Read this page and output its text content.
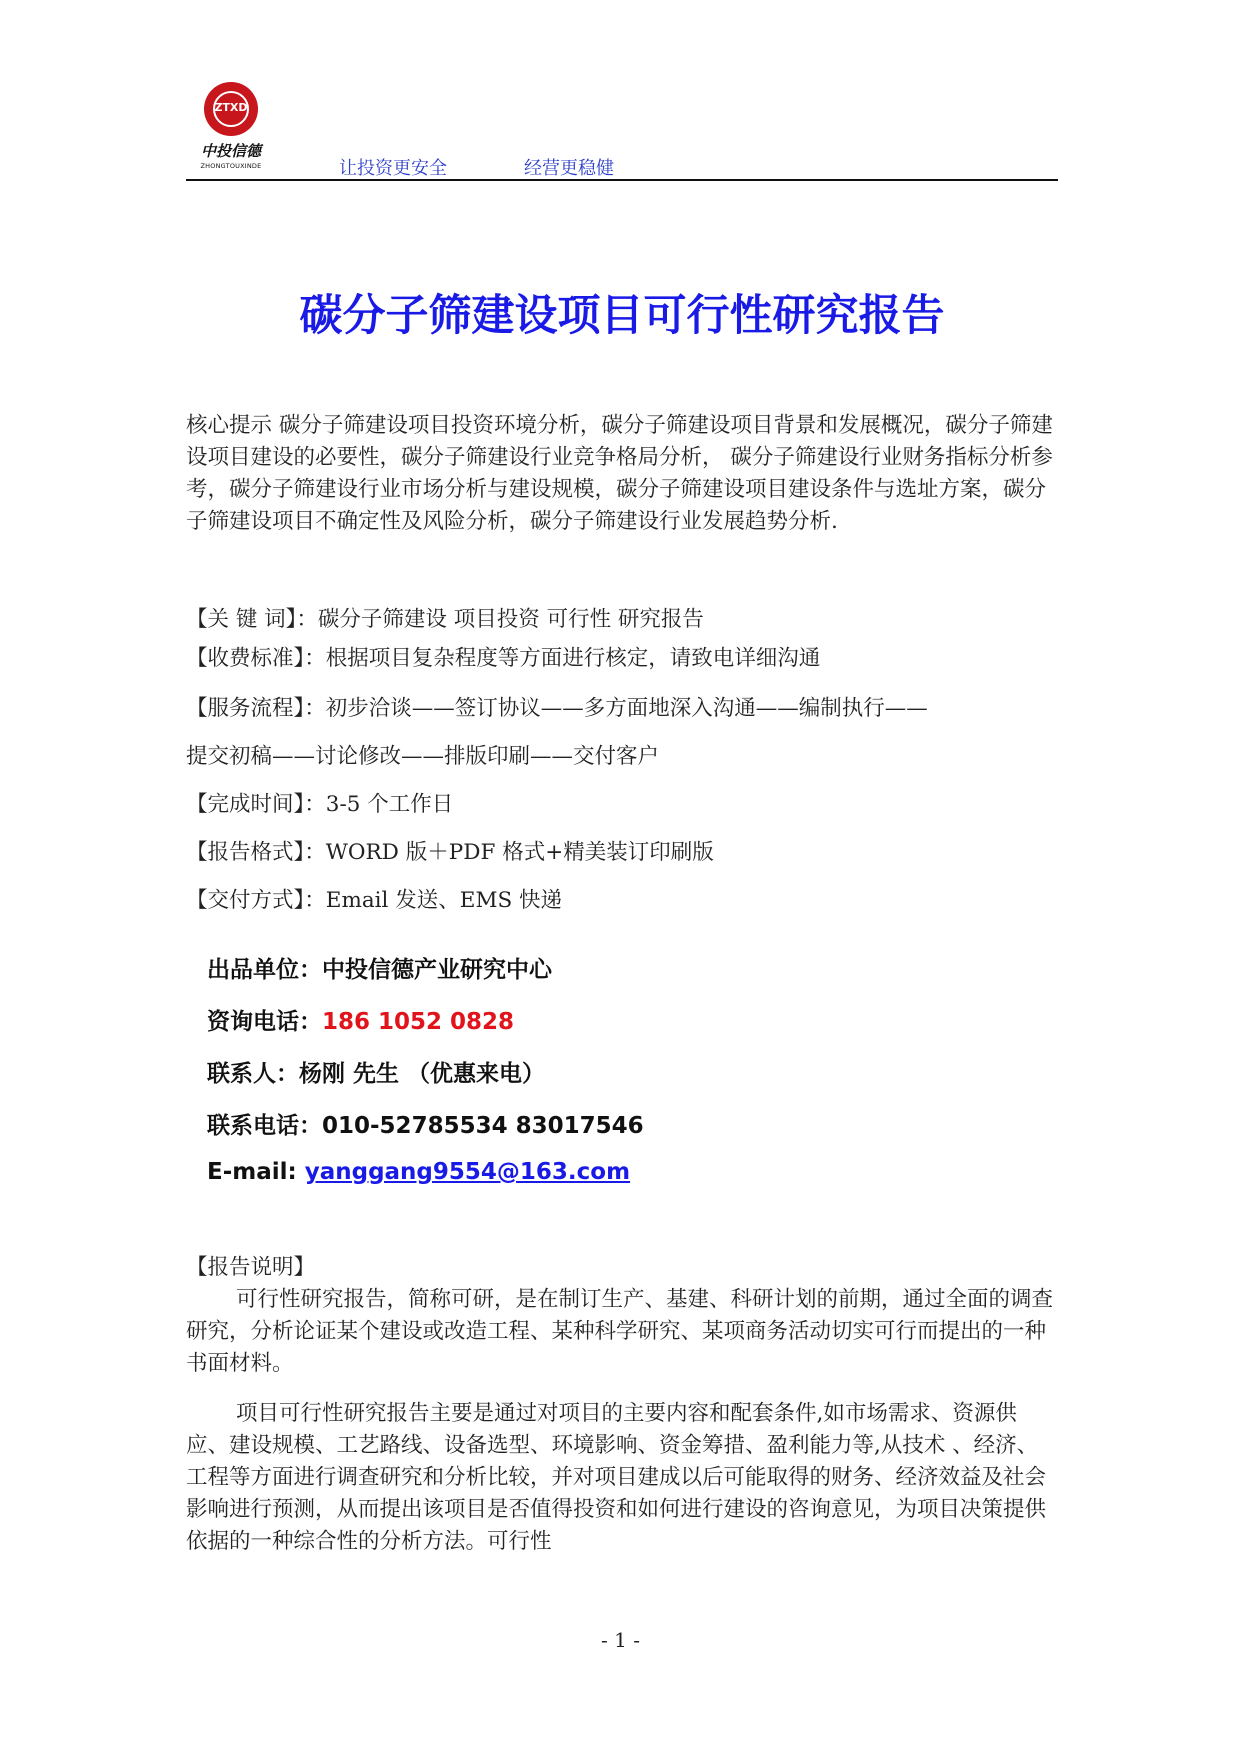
ZTXD
中投信德
ZHONGTOUXINDE	让投资更安全	经营更稳健
碳分子筛建设项目可行性研究报告
核心提示 碳分子筛建设项目投资环境分析，碳分子筛建设项目背景和发展概况，碳分子筛建设项目建设的必要性，碳分子筛建设行业竞争格局分析， 碳分子筛建设行业财务指标分析参考，碳分子筛建设行业市场分析与建设规模，碳分子筛建设项目建设条件与选址方案，碳分子筛建设项目不确定性及风险分析，碳分子筛建设行业发展趋势分析.
【关 键 词】：碳分子筛建设 项目投资 可行性 研究报告
【收费标准】：根据项目复杂程度等方面进行核定，请致电详细沟通
【服务流程】：初步洽谈——签订协议——多方面地深入沟通——编制执行——
提交初稿——讨论修改——排版印刷——交付客户
【完成时间】：3-5 个工作日
【报告格式】：WORD 版＋PDF 格式+精美装订印刷版
【交付方式】：Email 发送、EMS 快递
出品单位：中投信德产业研究中心
资询电话：186 1052 0828
联系人：杨刚 先生 （优惠来电）
联系电话：010-52785534 83017546
E-mail: yanggang9554@163.com
【报告说明】
可行性研究报告，简称可研，是在制订生产、基建、科研计划的前期，通过全面的调查研究，分析论证某个建设或改造工程、某种科学研究、某项商务活动切实可行而提出的一种书面材料。
项目可行性研究报告主要是通过对项目的主要内容和配套条件,如市场需求、资源供应、建设规模、工艺路线、设备选型、环境影响、资金筹措、盈利能力等,从技术 、经济、工程等方面进行调查研究和分析比较，并对项目建成以后可能取得的财务、经济效益及社会影响进行预测，从而提出该项目是否值得投资和如何进行建设的咨询意见，为项目决策提供依据的一种综合性的分析方法。可行性
- 1 -
